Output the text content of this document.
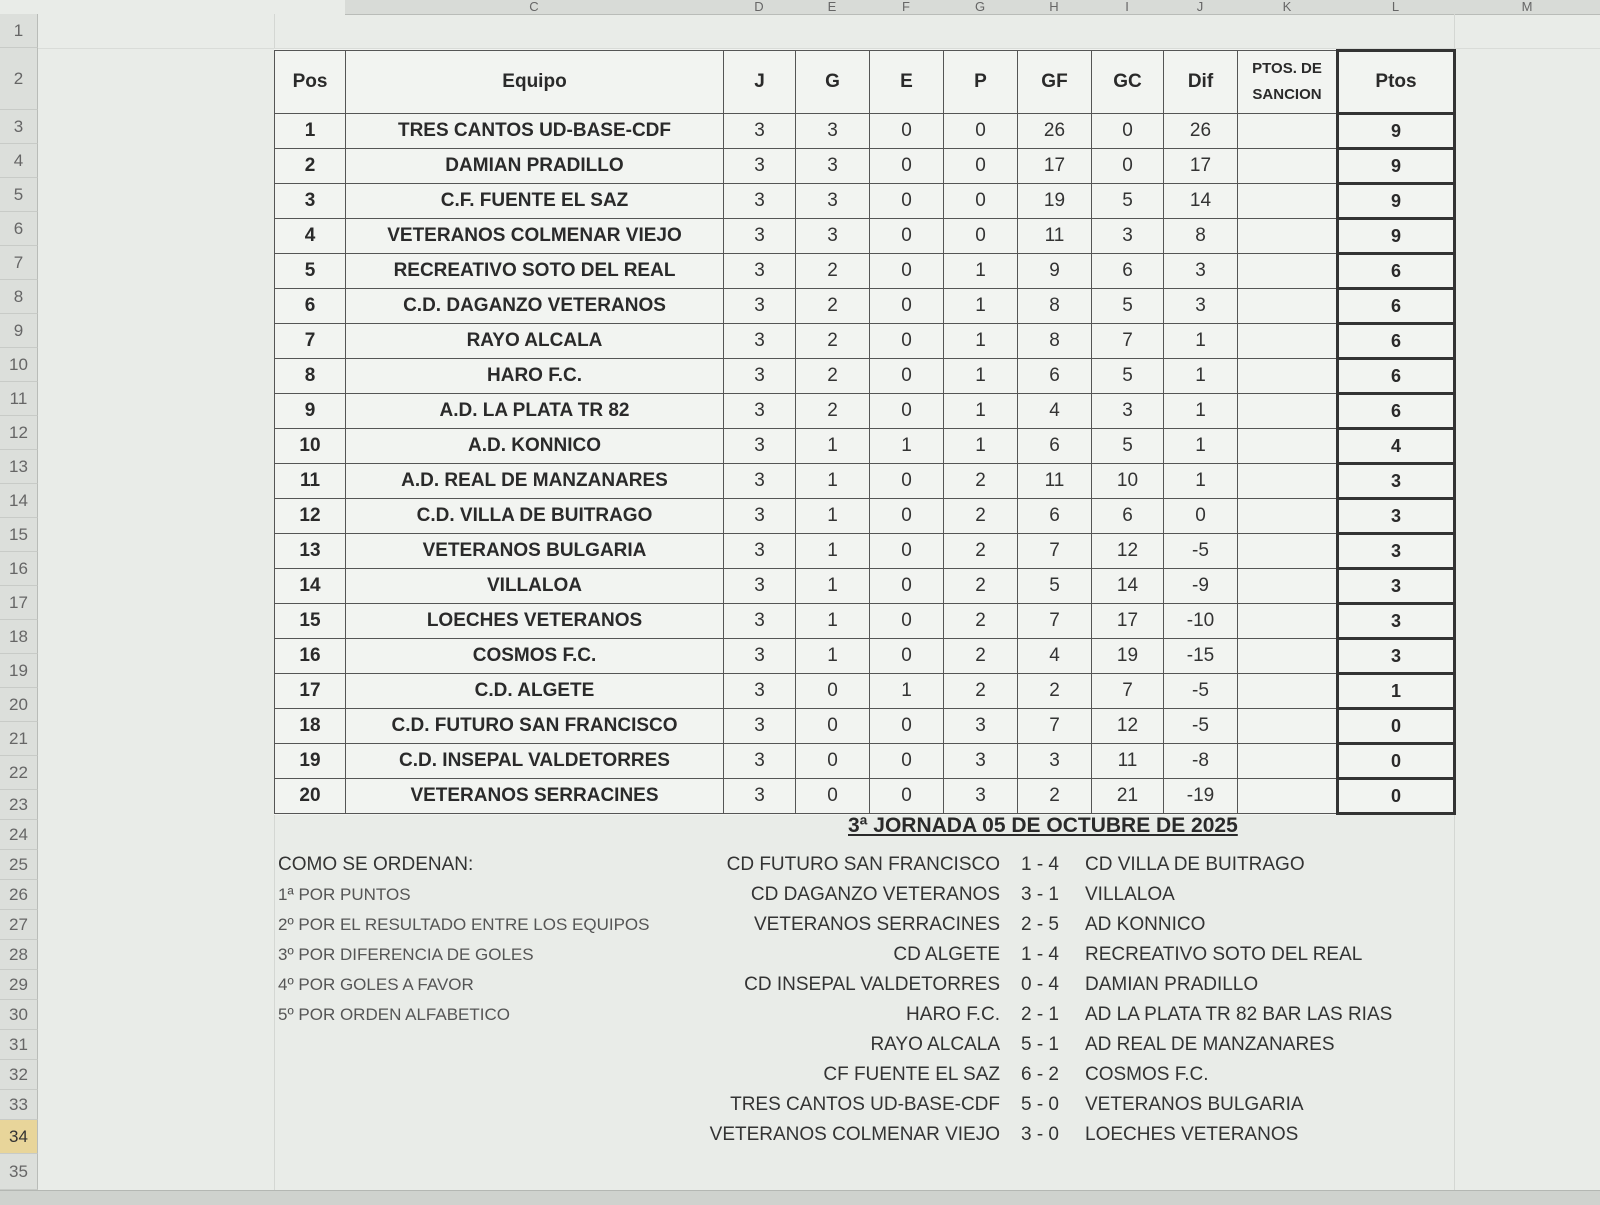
C	D	E	F	G	H	I	J	K	L	M
1
2
3
4
5
6
7
8
9
10
11
12
13
14
15
16
17
18
19
20
21
22
23
24
25
26
27
28
29
30
31
32
33
34
35
Pos	Equipo	J	G	E	P	GF	GC	Dif	PTOS. DE SANCION	Ptos
1	TRES CANTOS UD-BASE-CDF	3	3	0	0	26	0	26		9
2	DAMIAN PRADILLO	3	3	0	0	17	0	17		9
3	C.F. FUENTE EL SAZ	3	3	0	0	19	5	14		9
4	VETERANOS COLMENAR VIEJO	3	3	0	0	11	3	8		9
5	RECREATIVO SOTO DEL REAL	3	2	0	1	9	6	3		6
6	C.D. DAGANZO VETERANOS	3	2	0	1	8	5	3		6
7	RAYO ALCALA	3	2	0	1	8	7	1		6
8	HARO F.C.	3	2	0	1	6	5	1		6
9	A.D. LA PLATA TR 82	3	2	0	1	4	3	1		6
10	A.D. KONNICO	3	1	1	1	6	5	1		4
11	A.D. REAL DE MANZANARES	3	1	0	2	11	10	1		3
12	C.D. VILLA DE BUITRAGO	3	1	0	2	6	6	0		3
13	VETERANOS BULGARIA	3	1	0	2	7	12	-5		3
14	VILLALOA	3	1	0	2	5	14	-9		3
15	LOECHES VETERANOS	3	1	0	2	7	17	-10		3
16	COSMOS F.C.	3	1	0	2	4	19	-15		3
17	C.D. ALGETE	3	0	1	2	2	7	-5		1
18	C.D. FUTURO SAN FRANCISCO	3	0	0	3	7	12	-5		0
19	C.D. INSEPAL VALDETORRES	3	0	0	3	3	11	-8		0
20	VETERANOS SERRACINES	3	0	0	3	2	21	-19		0
COMO SE ORDENAN:
1ª POR PUNTOS
2º POR EL RESULTADO ENTRE LOS EQUIPOS
3º POR DIFERENCIA DE GOLES
4º POR GOLES A FAVOR
5º POR ORDEN ALFABETICO
3ª JORNADA 05 DE OCTUBRE DE 2025
CD FUTURO SAN FRANCISCO	1 - 4	CD VILLA DE BUITRAGO
CD DAGANZO VETERANOS	3 - 1	VILLALOA
VETERANOS SERRACINES	2 - 5	AD KONNICO
CD ALGETE	1 - 4	RECREATIVO SOTO DEL REAL
CD INSEPAL VALDETORRES	0 - 4	DAMIAN PRADILLO
HARO F.C.	2 - 1	AD LA PLATA TR 82 BAR LAS RIAS
RAYO ALCALA	5 - 1	AD REAL DE MANZANARES
CF FUENTE EL SAZ	6 - 2	COSMOS F.C.
TRES CANTOS UD-BASE-CDF	5 - 0	VETERANOS BULGARIA
VETERANOS COLMENAR VIEJO	3 - 0	LOECHES VETERANOS
